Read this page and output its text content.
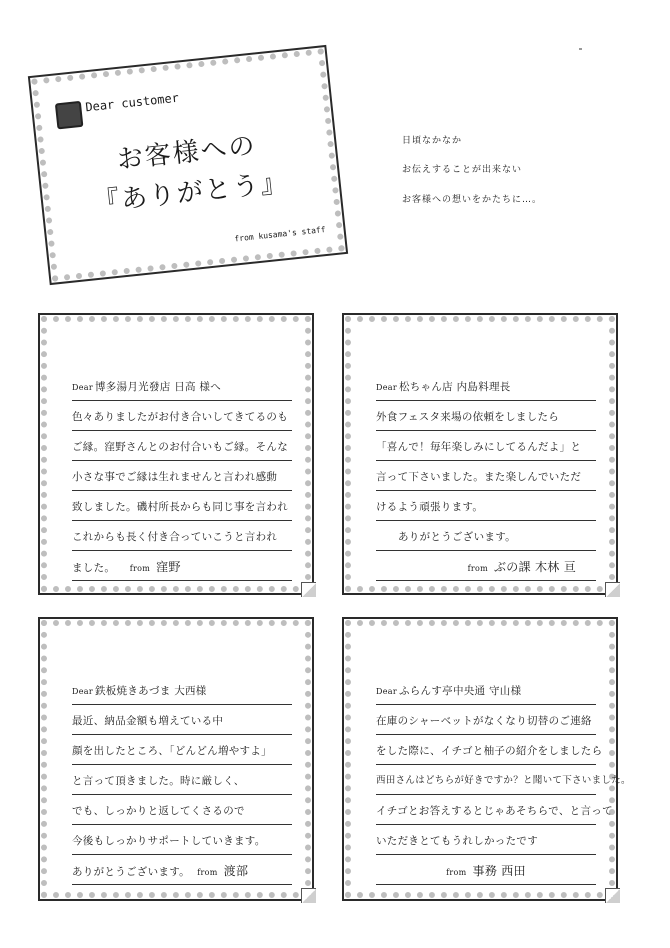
Dear customer
お客様への
『ありがとう』
from kusama's staff
日頃なかなか
お伝えすることが出来ない
お客様への想いをかたちに…。
Dear 博多湯月光發店 日高 様へ
色々ありましたがお付き合いしてきてるのも
ご縁。窪野さんとのお付合いもご縁。そんな
小さな事でご縁は生れませんと言われ感動
致しました。磯村所長からも同じ事を言われ
これからも長く付き合っていこうと言われ
ました。 from 窪野
Dear 松ちゃん店 内島料理長
外食フェスタ来場の依頼をしましたら
「喜んで！毎年楽しみにしてるんだよ」と
言って下さいました。また楽しんでいただ
けるよう頑張ります。
ありがとうございます。
from ぶの課 木林 亘
Dear 鉄板焼きあづま 大西様
最近、納品金額も増えている中
顔を出したところ、「どんどん増やすよ」
と言って頂きました。時に厳しく、
でも、しっかりと返してくさるので
今後もしっかりサポートしていきます。
ありがとうございます。 from 渡部
Dear ふらんす亭中央通 守山様
在庫のシャーベットがなくなり切替のご連絡
をした際に、イチゴと柚子の紹介をしましたら
西田さんはどちらが好きですか？と聞いて下さいました。
イチゴとお答えするとじゃあそちらで、と言って
いただきとてもうれしかったです
from 事務 西田
